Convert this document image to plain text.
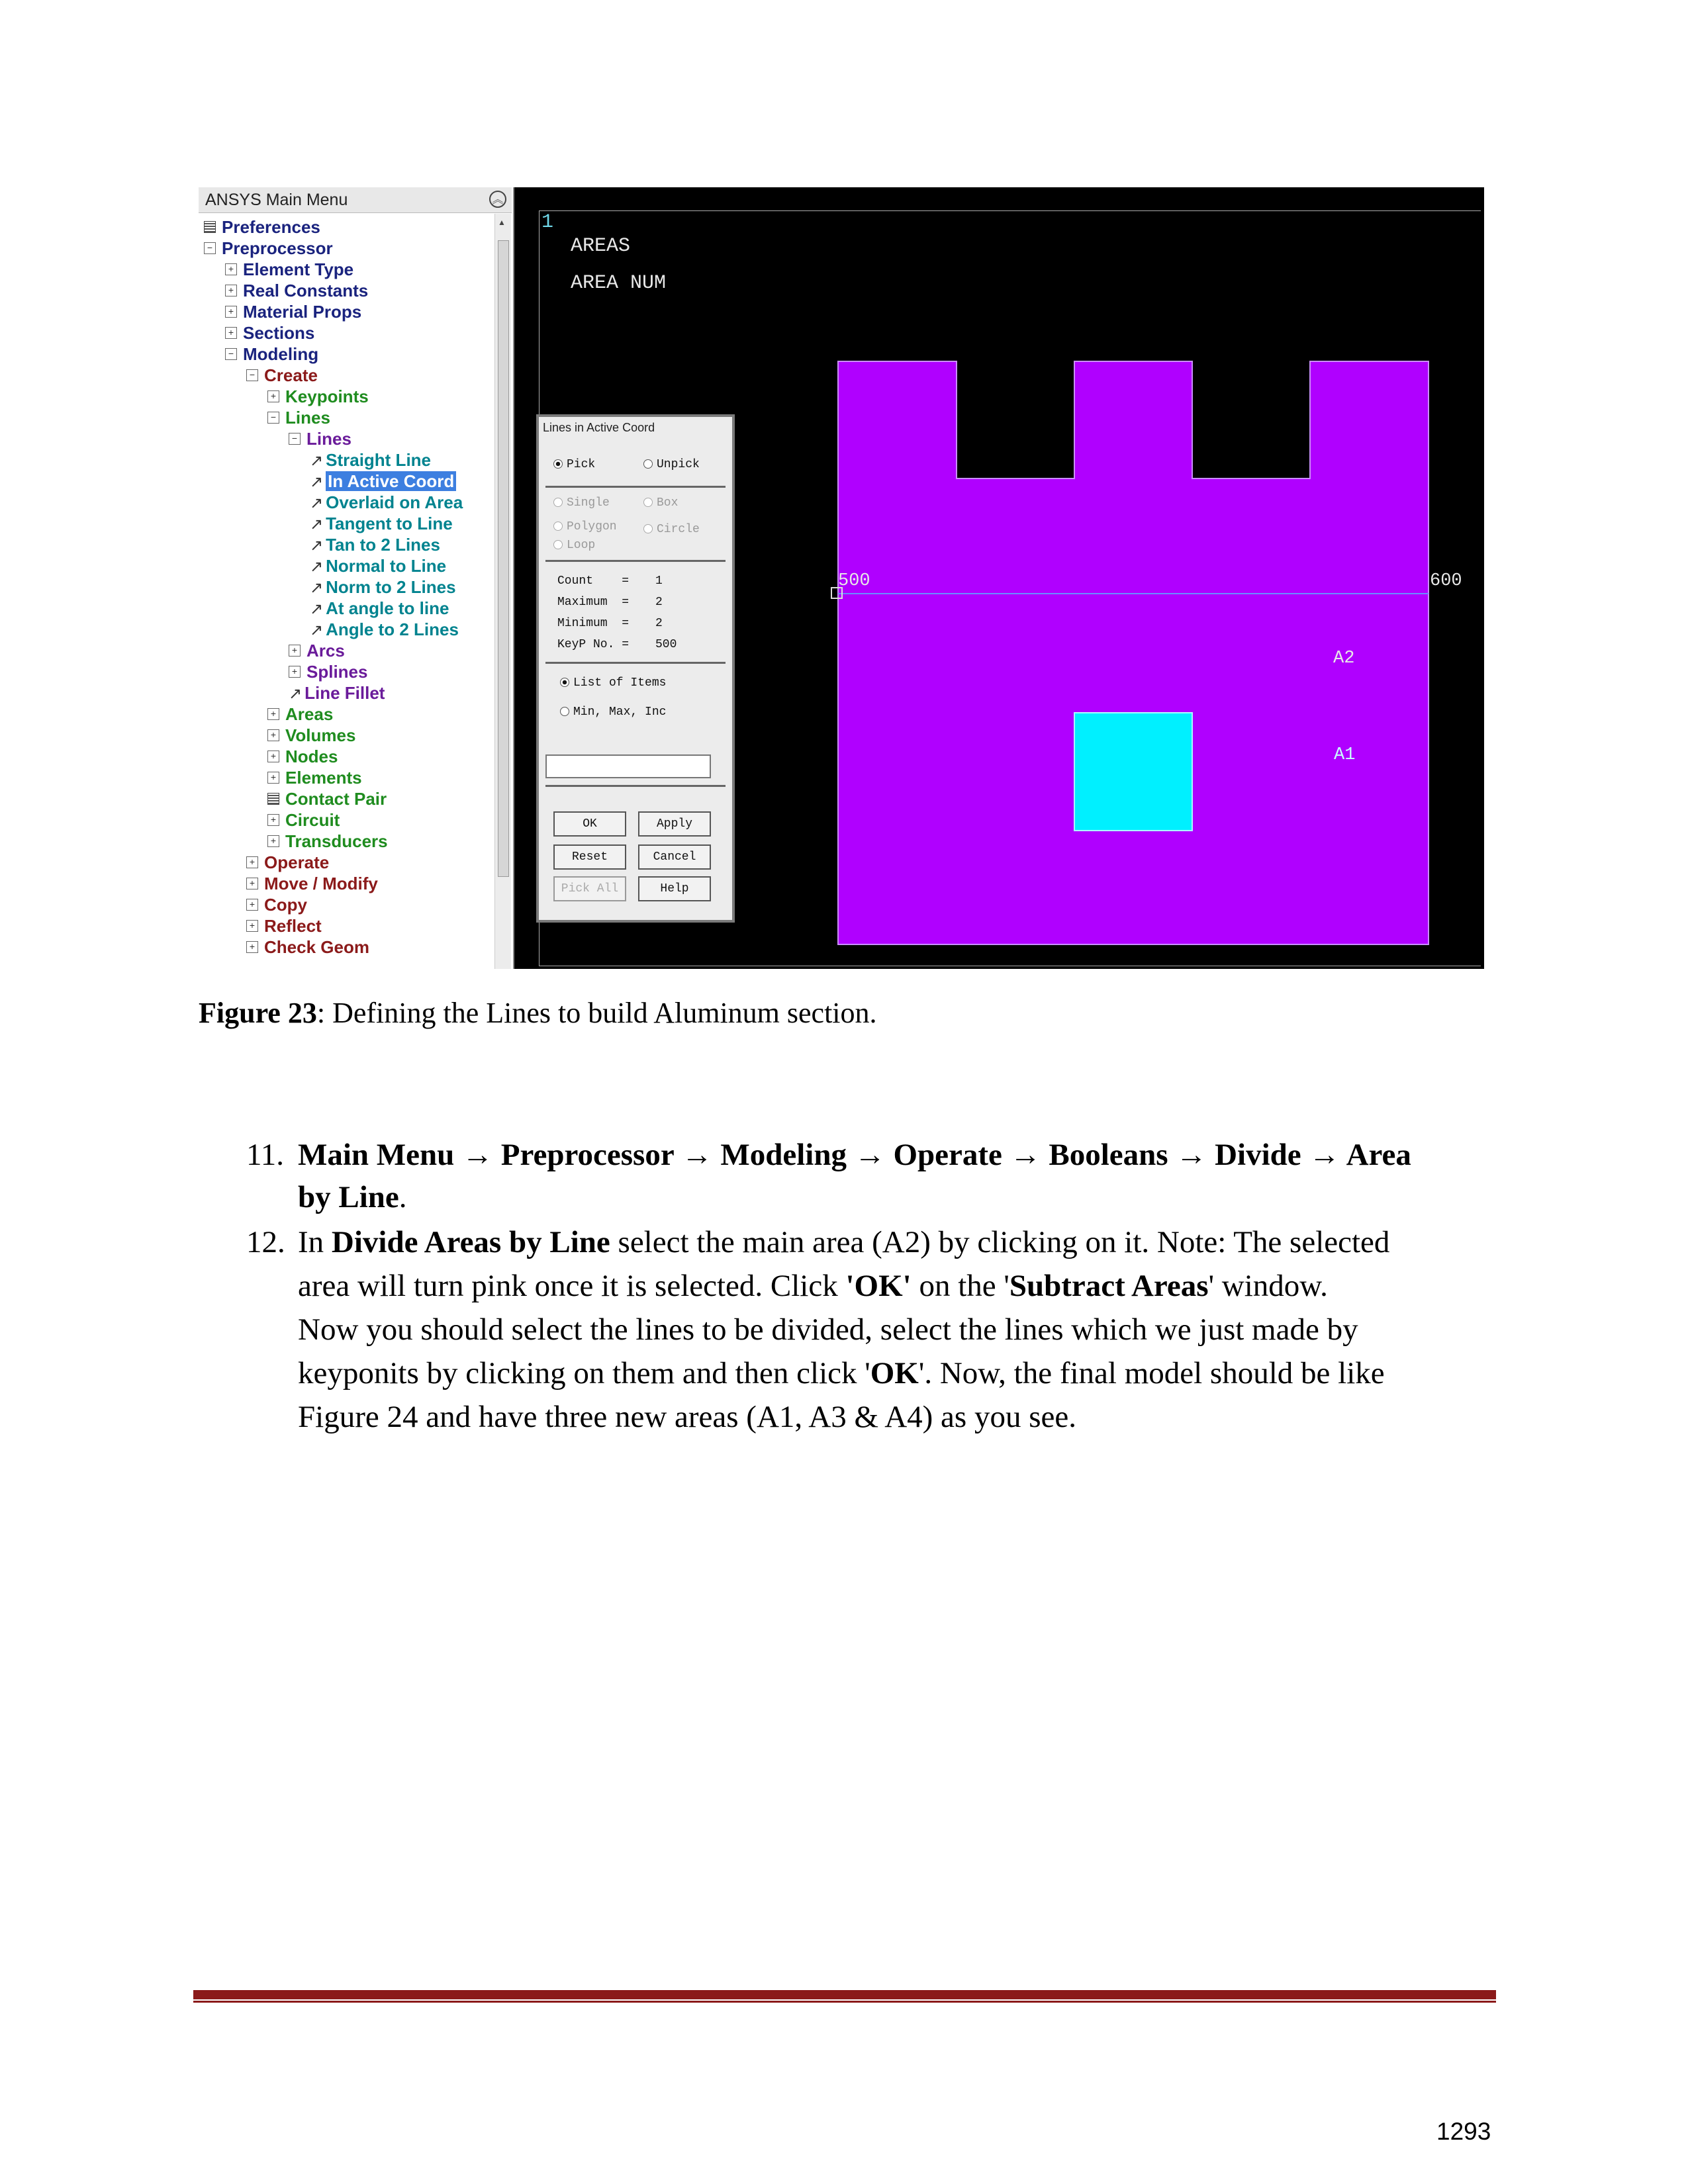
ANSYS Main Menu	︽
Preferences
− Preprocessor
+ Element Type
+ Real Constants
+ Material Props
+ Sections
− Modeling
− Create
+ Keypoints
− Lines
− Lines
↗ Straight Line
↗ In Active Coord
↗ Overlaid on Area
↗ Tangent to Line
↗ Tan to 2 Lines
↗ Normal to Line
↗ Norm to 2 Lines
↗ At angle to line
↗ Angle to 2 Lines
+ Arcs
+ Splines
↗ Line Fillet
+ Areas
+ Volumes
+ Nodes
+ Elements
Contact Pair
+ Circuit
+ Transducers
+ Operate
+ Move / Modify
+ Copy
+ Reflect
+ Check Geom
▲ 1
AREAS
AREA NUM
500	600
A2
A1
Lines in Active Coord
Pick	Unpick
Single	Box
Polygon	Circle
Loop
Count    = 1
Maximum  = 2
Minimum  = 2
KeyP No. = 500
List of Items
Min, Max, Inc
OK	Apply
Reset	Cancel
Pick All	Help
Figure 23: Defining the Lines to build Aluminum section.
11. Main Menu → Preprocessor → Modeling → Operate → Booleans → Divide → Area
by Line.
12. In Divide Areas by Line select the main area (A2) by clicking on it. Note: The selected
area will turn pink once it is selected. Click 'OK' on the 'Subtract Areas' window.
Now you should select the lines to be divided, select the lines which we just made by
keyponits by clicking on them and then click 'OK'. Now, the final model should be like
Figure 24 and have three new areas (A1, A3 & A4) as you see.
1293
